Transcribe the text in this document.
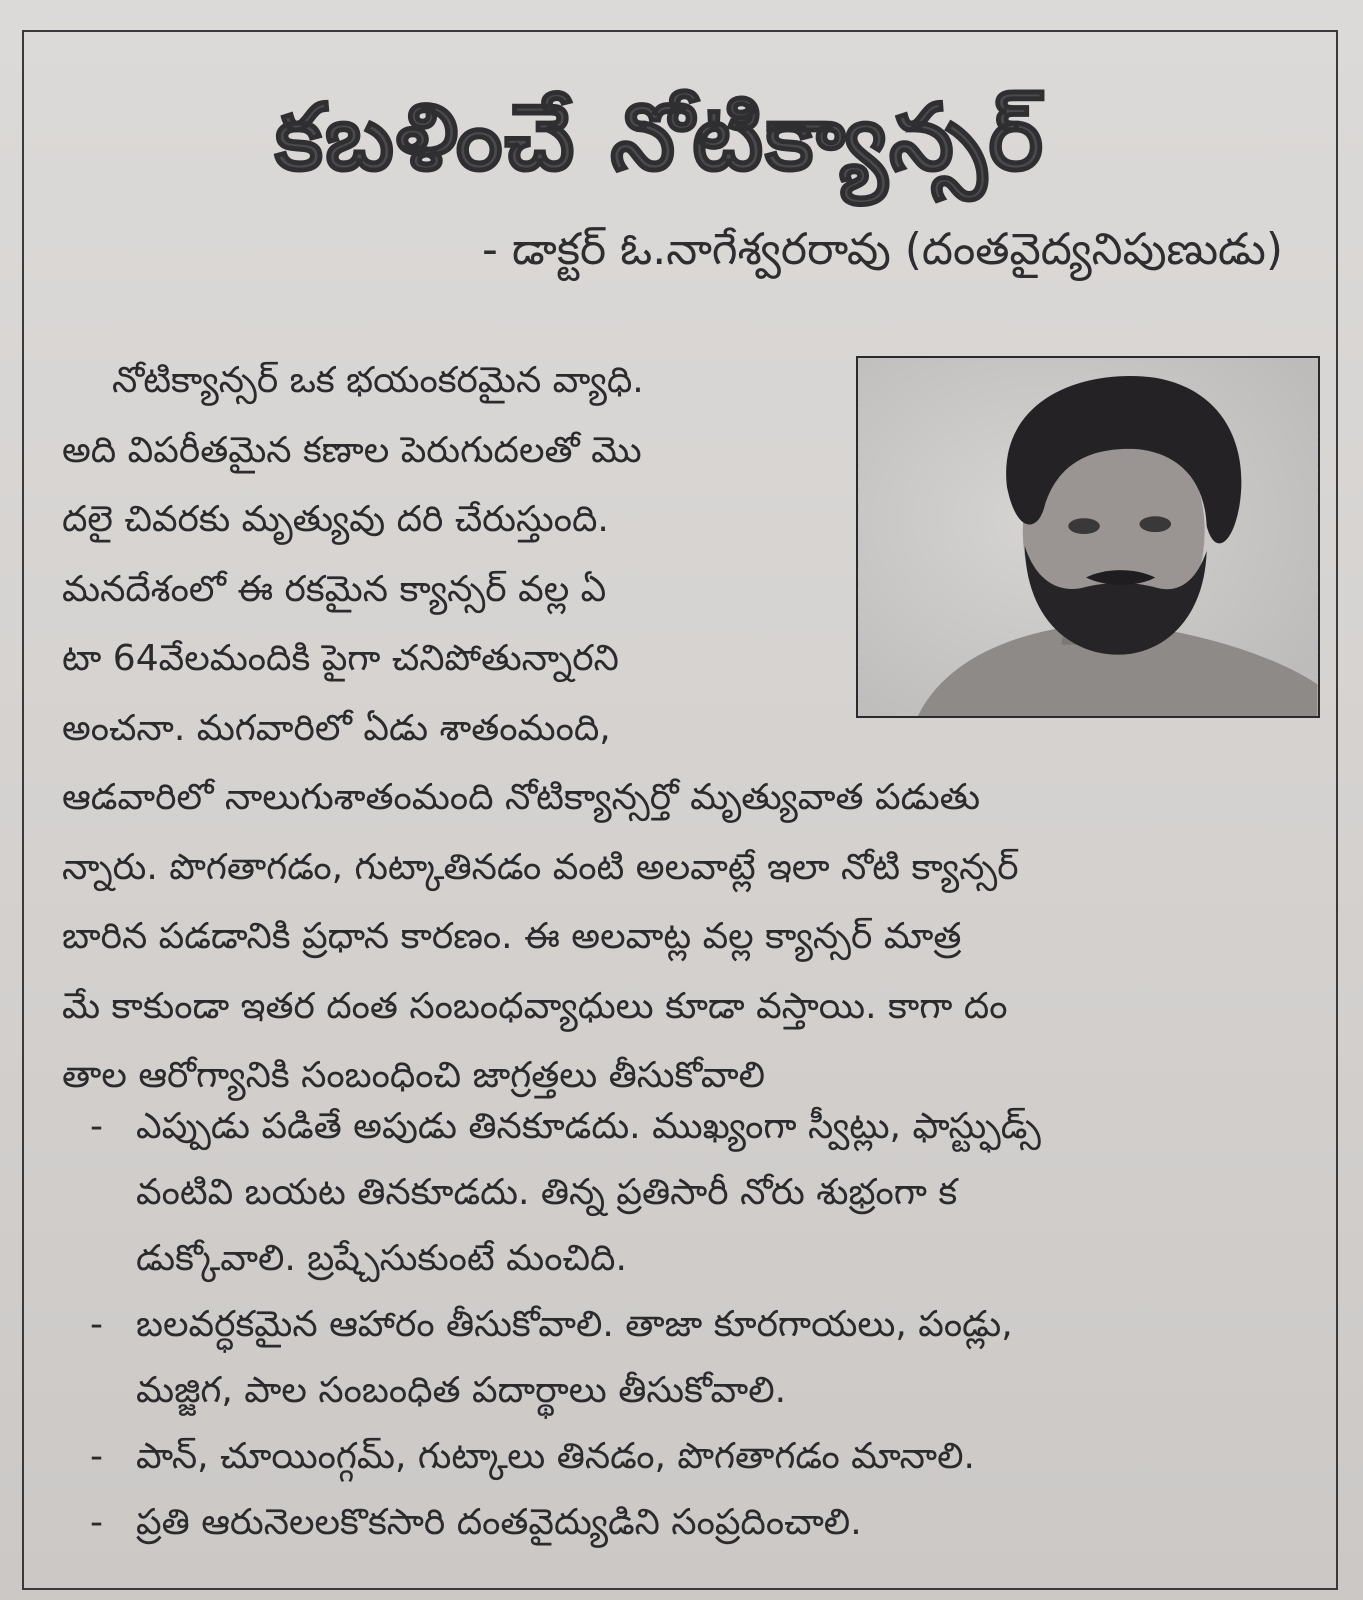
కబళించే నోటిక్యాన్సర్
- డాక్టర్ ఓ.నాగేశ్వరరావు (దంతవైద్యనిపుణుడు)
నోటిక్యాన్సర్ ఒక భయంకరమైన వ్యాధి.
అది విపరీతమైన కణాల పెరుగుదలతో మొ
దలై చివరకు మృత్యువు దరి చేరుస్తుంది.
మనదేశంలో ఈ రకమైన క్యాన్సర్ వల్ల ఏ
టా 64వేలమందికి పైగా చనిపోతున్నారని
అంచనా. మగవారిలో ఏడు శాతంమంది,
ఆడవారిలో నాలుగుశాతంమంది నోటిక్యాన్సర్తో మృత్యువాత పడుతు
న్నారు. పొగతాగడం, గుట్కాతినడం వంటి అలవాట్లే ఇలా నోటి క్యాన్సర్
బారిన పడడానికి ప్రధాన కారణం. ఈ అలవాట్ల వల్ల క్యాన్సర్ మాత్ర
మే కాకుండా ఇతర దంత సంబంధవ్యాధులు కూడా వస్తాయి. కాగా దం
తాల ఆరోగ్యానికి సంబంధించి జాగ్రత్తలు తీసుకోవాలి
- ఎప్పుడు పడితే అపుడు తినకూడదు. ముఖ్యంగా స్వీట్లు, ఫాస్ట్ఫుడ్స్
వంటివి బయట తినకూడదు. తిన్న ప్రతిసారీ నోరు శుభ్రంగా క
డుక్కోవాలి. బ్రష్చేసుకుంటే మంచిది.
- బలవర్ధకమైన ఆహారం తీసుకోవాలి. తాజా కూరగాయలు, పండ్లు,
మజ్జిగ, పాల సంబంధిత పదార్థాలు తీసుకోవాలి.
- పాన్, చూయింగ్గమ్, గుట్కాలు తినడం, పొగతాగడం మానాలి.
- ప్రతి ఆరునెలలకొకసారి దంతవైద్యుడిని సంప్రదించాలి.
